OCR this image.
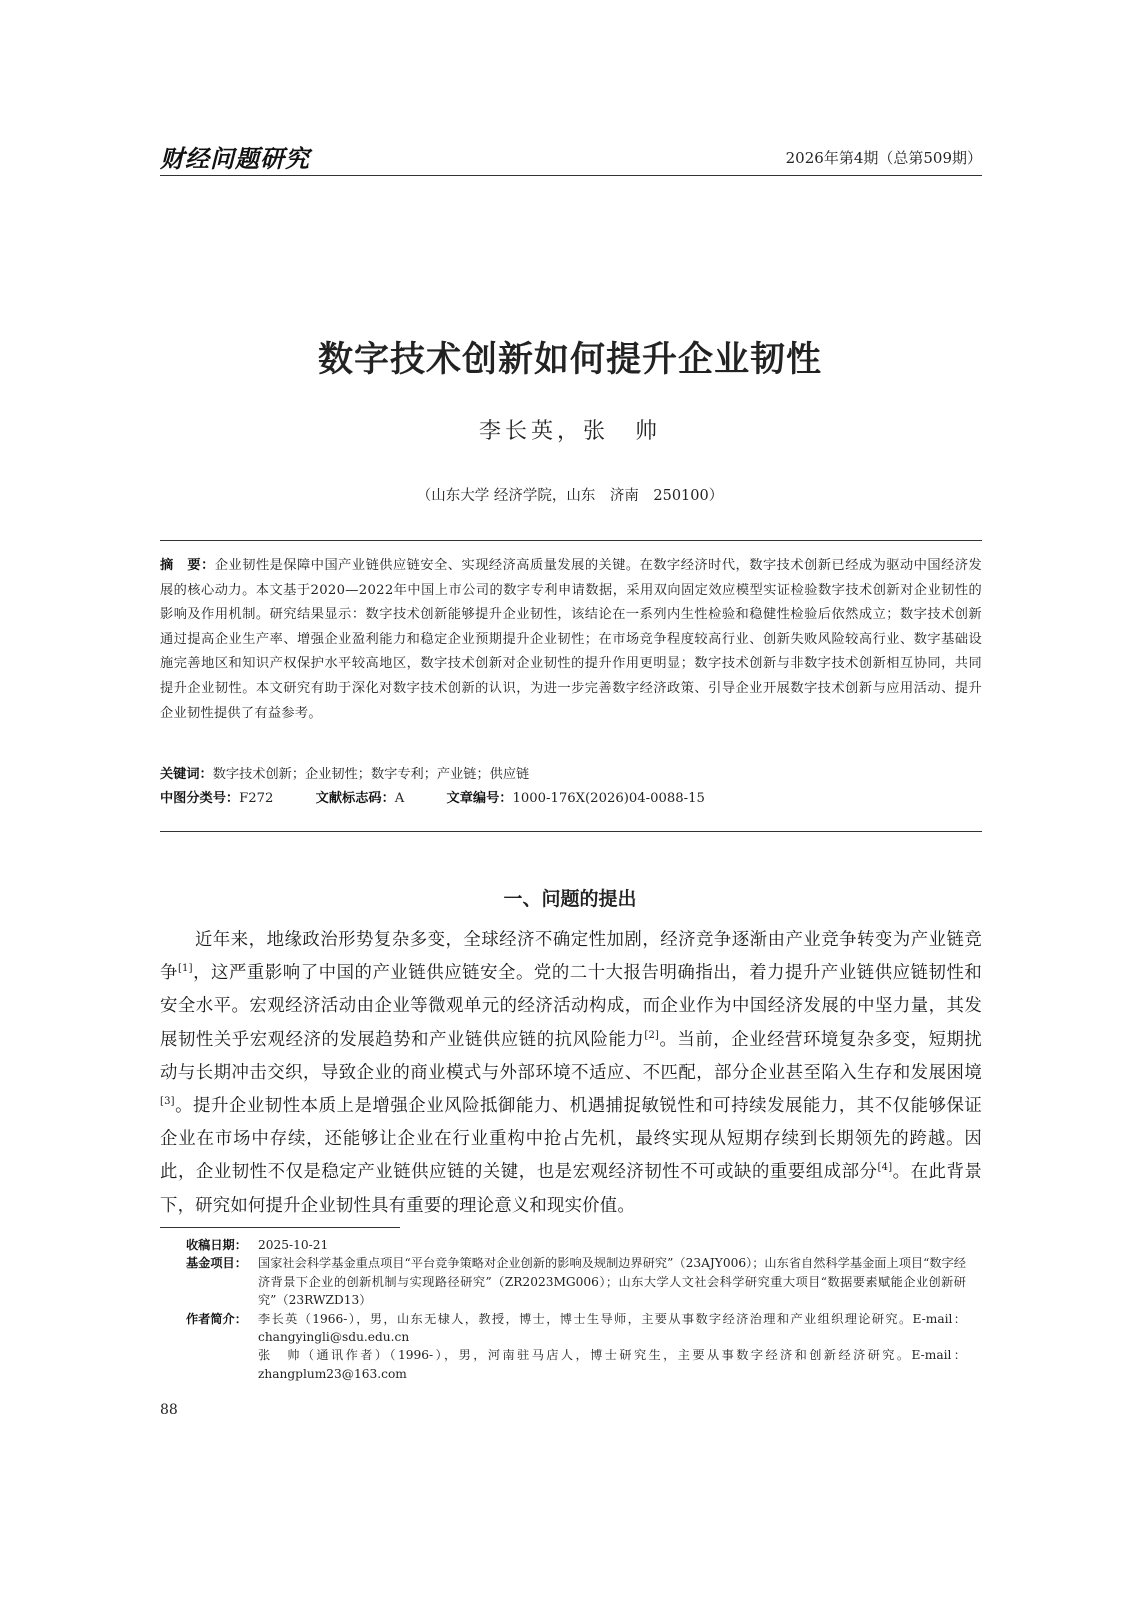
财经问题研究	2026年第4期（总第509期）
数字技术创新如何提升企业韧性
李长英，张　帅
（山东大学 经济学院，山东　济南　250100）
摘　要：企业韧性是保障中国产业链供应链安全、实现经济高质量发展的关键。在数字经济时代，数字技术创新已经成为驱动中国经济发展的核心动力。本文基于2020—2022年中国上市公司的数字专利申请数据，采用双向固定效应模型实证检验数字技术创新对企业韧性的影响及作用机制。研究结果显示：数字技术创新能够提升企业韧性，该结论在一系列内生性检验和稳健性检验后依然成立；数字技术创新通过提高企业生产率、增强企业盈利能力和稳定企业预期提升企业韧性；在市场竞争程度较高行业、创新失败风险较高行业、数字基础设施完善地区和知识产权保护水平较高地区，数字技术创新对企业韧性的提升作用更明显；数字技术创新与非数字技术创新相互协同，共同提升企业韧性。本文研究有助于深化对数字技术创新的认识，为进一步完善数字经济政策、引导企业开展数字技术创新与应用活动、提升企业韧性提供了有益参考。
关键词：数字技术创新；企业韧性；数字专利；产业链；供应链
中图分类号：F272	文献标志码：A	文章编号：1000-176X(2026)04-0088-15
一、问题的提出
近年来，地缘政治形势复杂多变，全球经济不确定性加剧，经济竞争逐渐由产业竞争转变为产业链竞争[1]，这严重影响了中国的产业链供应链安全。党的二十大报告明确指出，着力提升产业链供应链韧性和安全水平。宏观经济活动由企业等微观单元的经济活动构成，而企业作为中国经济发展的中坚力量，其发展韧性关乎宏观经济的发展趋势和产业链供应链的抗风险能力[2]。当前，企业经营环境复杂多变，短期扰动与长期冲击交织，导致企业的商业模式与外部环境不适应、不匹配，部分企业甚至陷入生存和发展困境[3]。提升企业韧性本质上是增强企业风险抵御能力、机遇捕捉敏锐性和可持续发展能力，其不仅能够保证企业在市场中存续，还能够让企业在行业重构中抢占先机，最终实现从短期存续到长期领先的跨越。因此，企业韧性不仅是稳定产业链供应链的关键，也是宏观经济韧性不可或缺的重要组成部分[4]。在此背景下，研究如何提升企业韧性具有重要的理论意义和现实价值。
收稿日期： 2025-10-21
基金项目： 国家社会科学基金重点项目“平台竞争策略对企业创新的影响及规制边界研究”（23AJY006）；山东省自然科学基金面上项目“数字经济背景下企业的创新机制与实现路径研究”（ZR2023MG006）；山东大学人文社会科学研究重大项目“数据要素赋能企业创新研究”（23RWZD13）
作者简介： 李长英（1966-），男，山东无棣人，教授，博士，博士生导师，主要从事数字经济治理和产业组织理论研究。E-mail：changyingli@sdu.edu.cn

张　帅（通讯作者）（1996-），男，河南驻马店人，博士研究生，主要从事数字经济和创新经济研究。E-mail：zhangplum23@163.com

88
